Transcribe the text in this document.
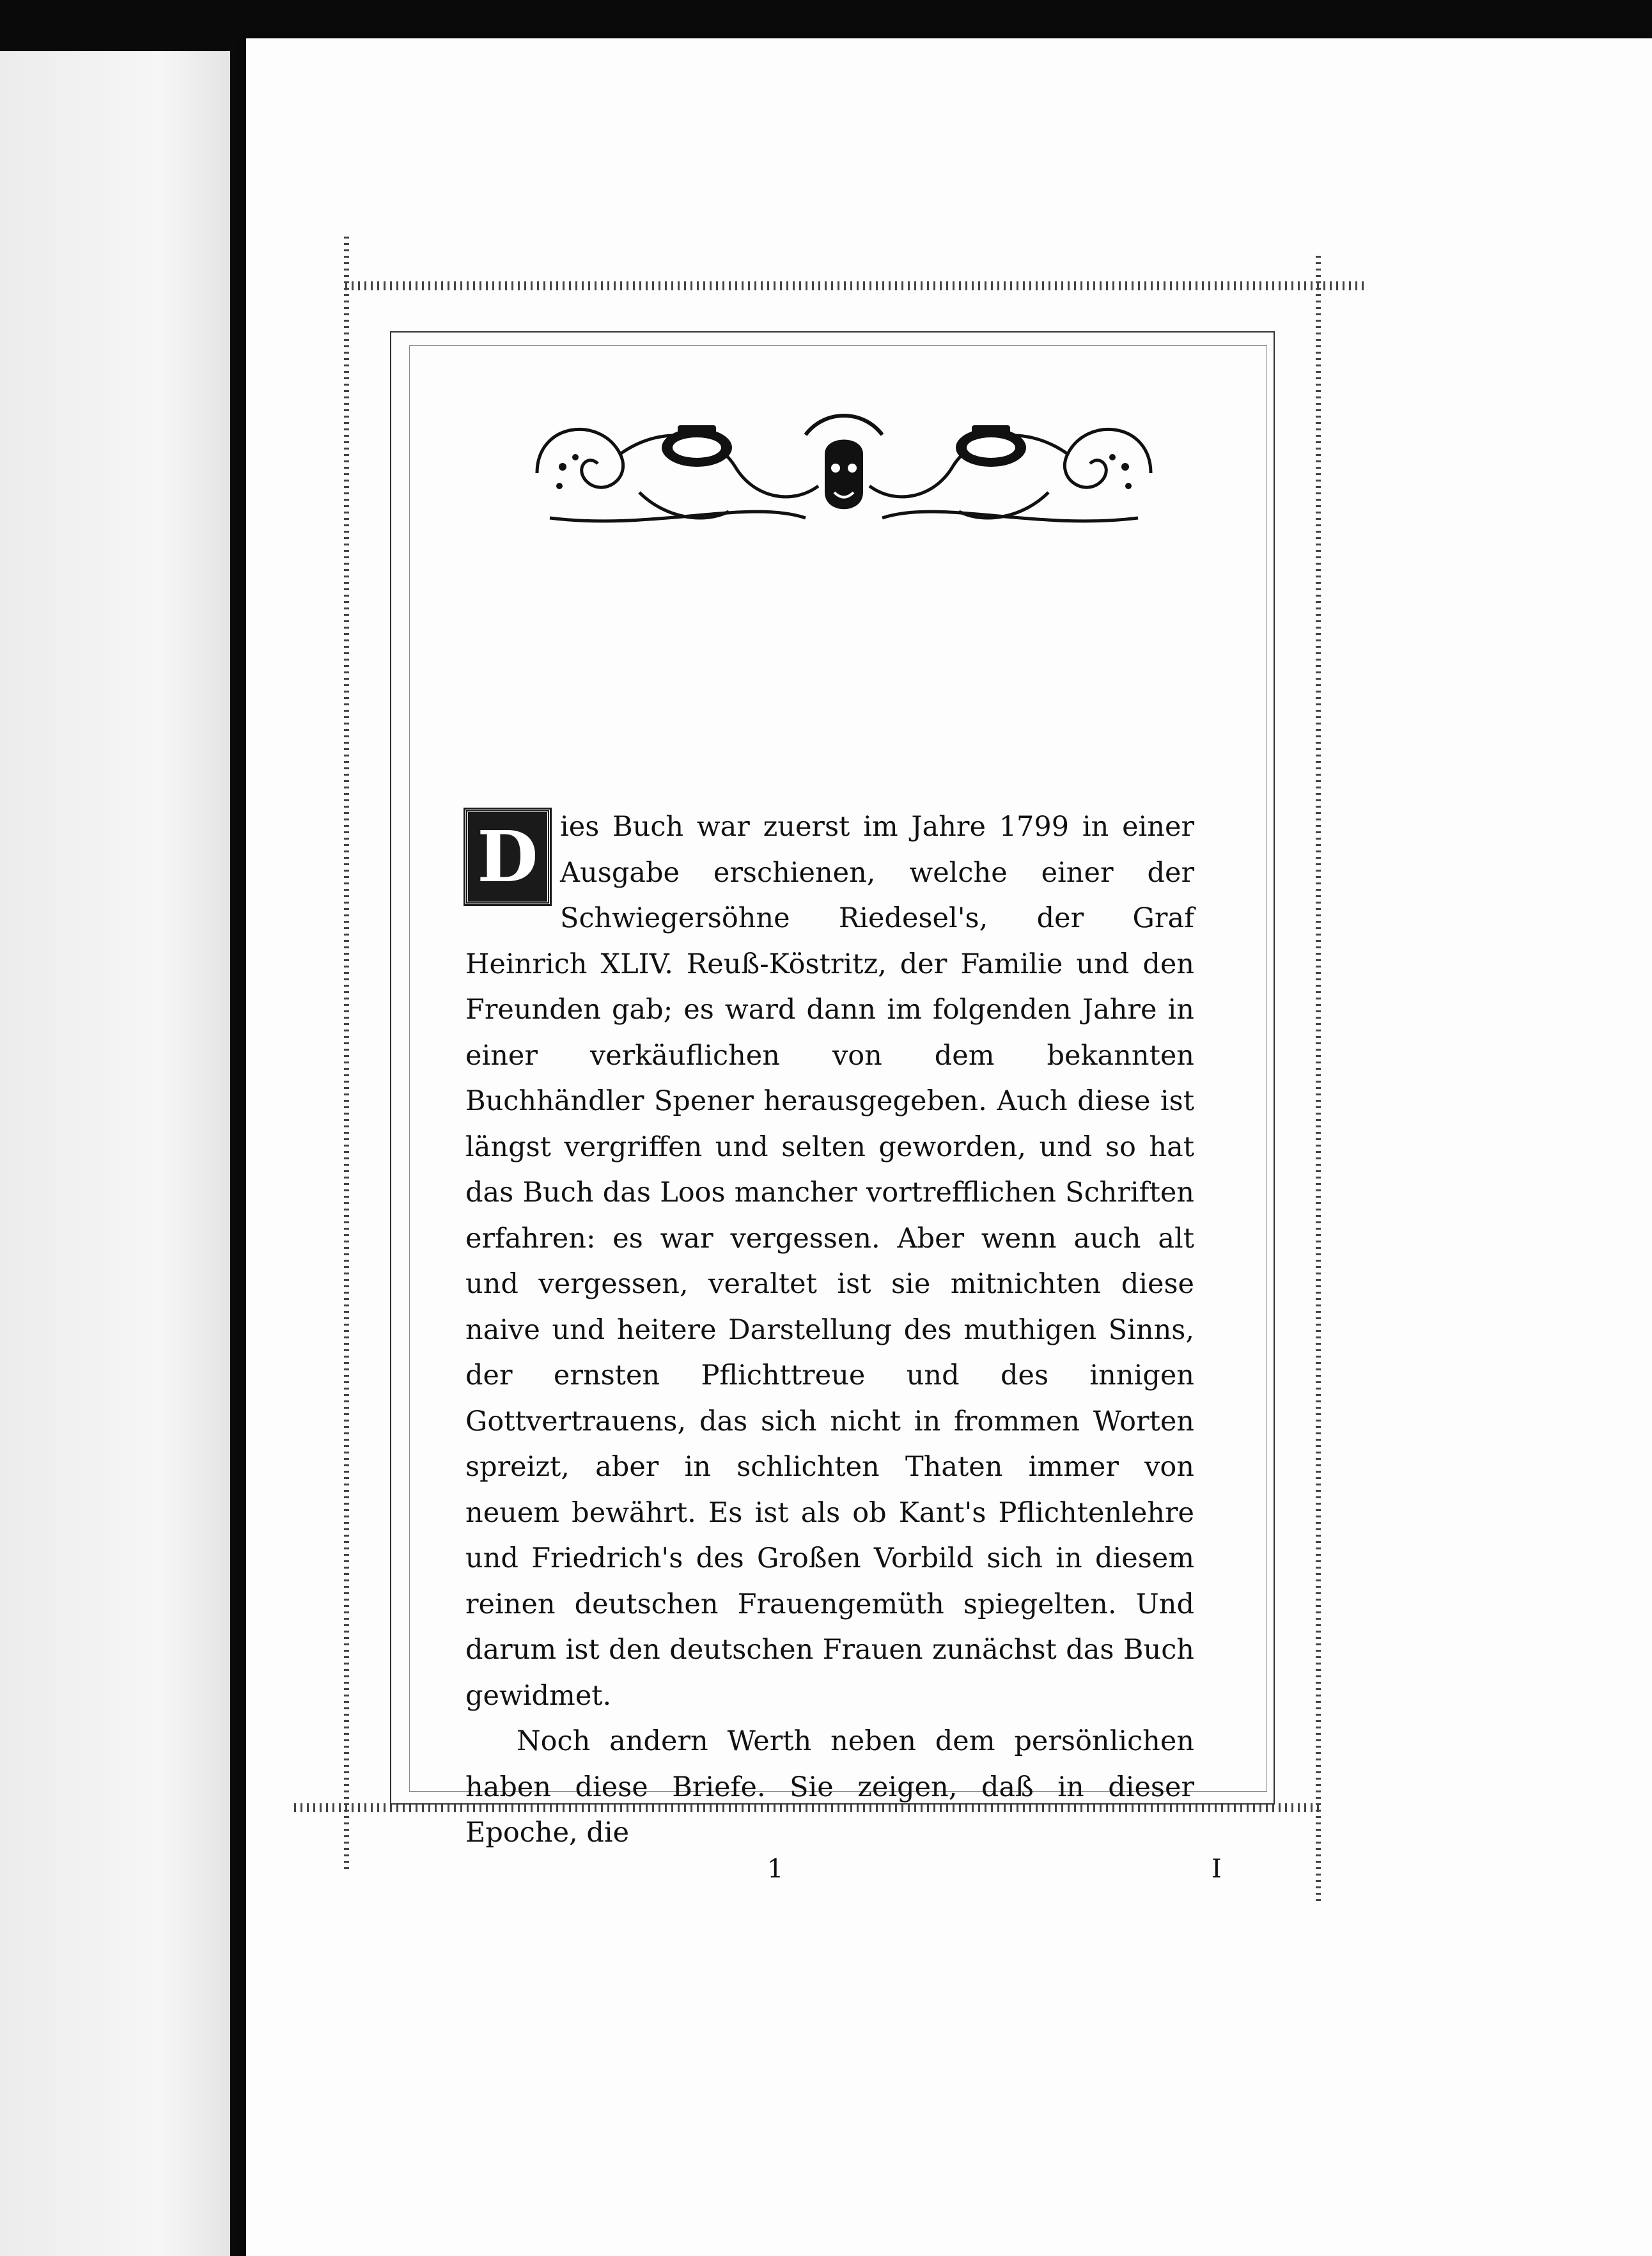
D ies Buch war zuerst im Jahre 1799 in einer Ausgabe erschienen, welche einer der Schwiegersöhne Riedesel's, der Graf Heinrich XLIV. Reuß-Köstritz, der Familie und den Freunden gab; es ward dann im folgenden Jahre in einer verkäuflichen von dem bekannten Buchhändler Spener herausgegeben. Auch diese ist längst vergriffen und selten geworden, und so hat das Buch das Loos mancher vortrefflichen Schriften erfahren: es war vergessen. Aber wenn auch alt und vergessen, veraltet ist sie mitnichten diese naive und heitere Darstellung des muthigen Sinns, der ernsten Pflichttreue und des innigen Gottvertrauens, das sich nicht in frommen Worten spreizt, aber in schlichten Thaten immer von neuem bewährt. Es ist als ob Kant's Pflichtenlehre und Friedrich's des Großen Vorbild sich in diesem reinen deutschen Frauengemüth spiegelten. Und darum ist den deutschen Frauen zunächst das Buch gewidmet.

Noch andern Werth neben dem persönlichen haben diese Briefe. Sie zeigen, daß in dieser Epoche, die

1	I
